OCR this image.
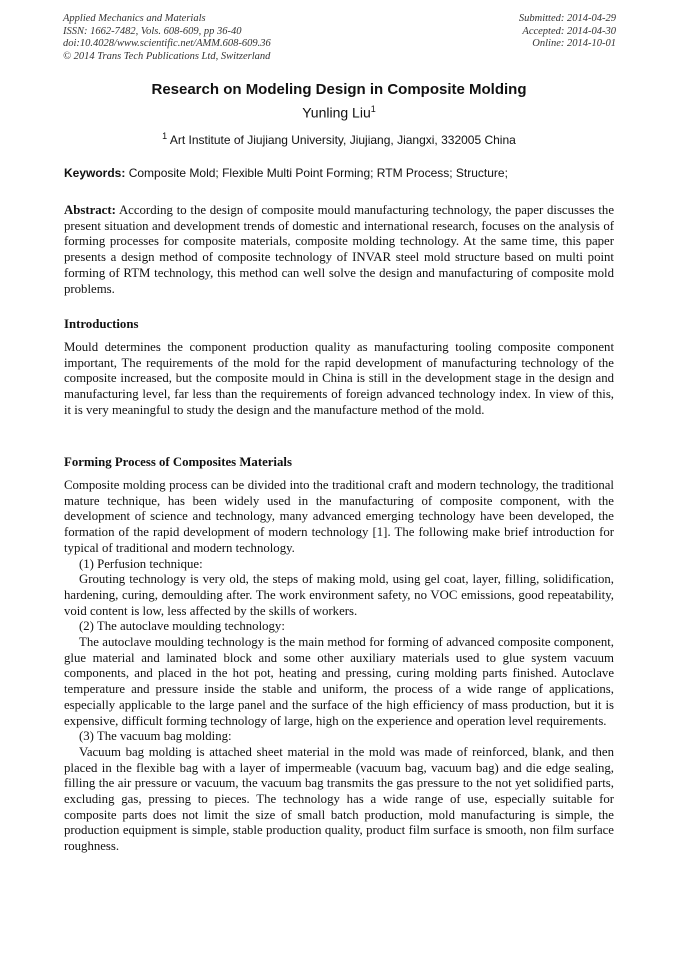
Applied Mechanics and Materials
ISSN: 1662-7482, Vols. 608-609, pp 36-40
doi:10.4028/www.scientific.net/AMM.608-609.36
© 2014 Trans Tech Publications Ltd, Switzerland
Submitted: 2014-04-29
Accepted: 2014-04-30
Online: 2014-10-01
Research on Modeling Design in Composite Molding
Yunling Liu$^1$
$^1$ Art Institute of Jiujiang University, Jiujiang, Jiangxi, 332005 China
Keywords: Composite Mold; Flexible Multi Point Forming; RTM Process; Structure;

Abstract: According to the design of composite mould manufacturing technology, the paper discusses the present situation and development trends of domestic and international research, focuses on the analysis of forming processes for composite materials, composite molding technology. At the same time, this paper presents a design method of composite technology of INVAR steel mold structure based on multi point forming of RTM technology, this method can well solve the design and manufacturing of composite mold problems.

Introductions

Mould determines the component production quality as manufacturing tooling composite component important, The requirements of the mold for the rapid development of manufacturing technology of the composite increased, but the composite mould in China is still in the development stage in the design and manufacturing level, far less than the requirements of foreign advanced technology index. In view of this, it is very meaningful to study the design and the manufacture method of the mold.

Forming Process of Composites Materials

Composite molding process can be divided into the traditional craft and modern technology, the traditional mature technique, has been widely used in the manufacturing of composite component, with the development of science and technology, many advanced emerging technology have been developed, the formation of the rapid development of modern technology [1]. The following make brief introduction for typical of traditional and modern technology.

(1) Perfusion technique:

Grouting technology is very old, the steps of making mold, using gel coat, layer, filling, solidification, hardening, curing, demoulding after. The work environment safety, no VOC emissions, good repeatability, void content is low, less affected by the skills of workers.

(2) The autoclave moulding technology:

The autoclave moulding technology is the main method for forming of advanced composite component, glue material and laminated block and some other auxiliary materials used to glue system vacuum components, and placed in the hot pot, heating and pressing, curing molding parts finished. Autoclave temperature and pressure inside the stable and uniform, the process of a wide range of applications, especially applicable to the large panel and the surface of the high efficiency of mass production, but it is expensive, difficult forming technology of large, high on the experience and operation level requirements.

(3) The vacuum bag molding:

Vacuum bag molding is attached sheet material in the mold was made of reinforced, blank, and then placed in the flexible bag with a layer of impermeable (vacuum bag, vacuum bag) and die edge sealing, filling the air pressure or vacuum, the vacuum bag transmits the gas pressure to the not yet solidified parts, excluding gas, pressing to pieces. The technology has a wide range of use, especially suitable for composite parts does not limit the size of small batch production, mold manufacturing is simple, the production equipment is simple, stable production quality, product film surface is smooth, non film surface roughness.
